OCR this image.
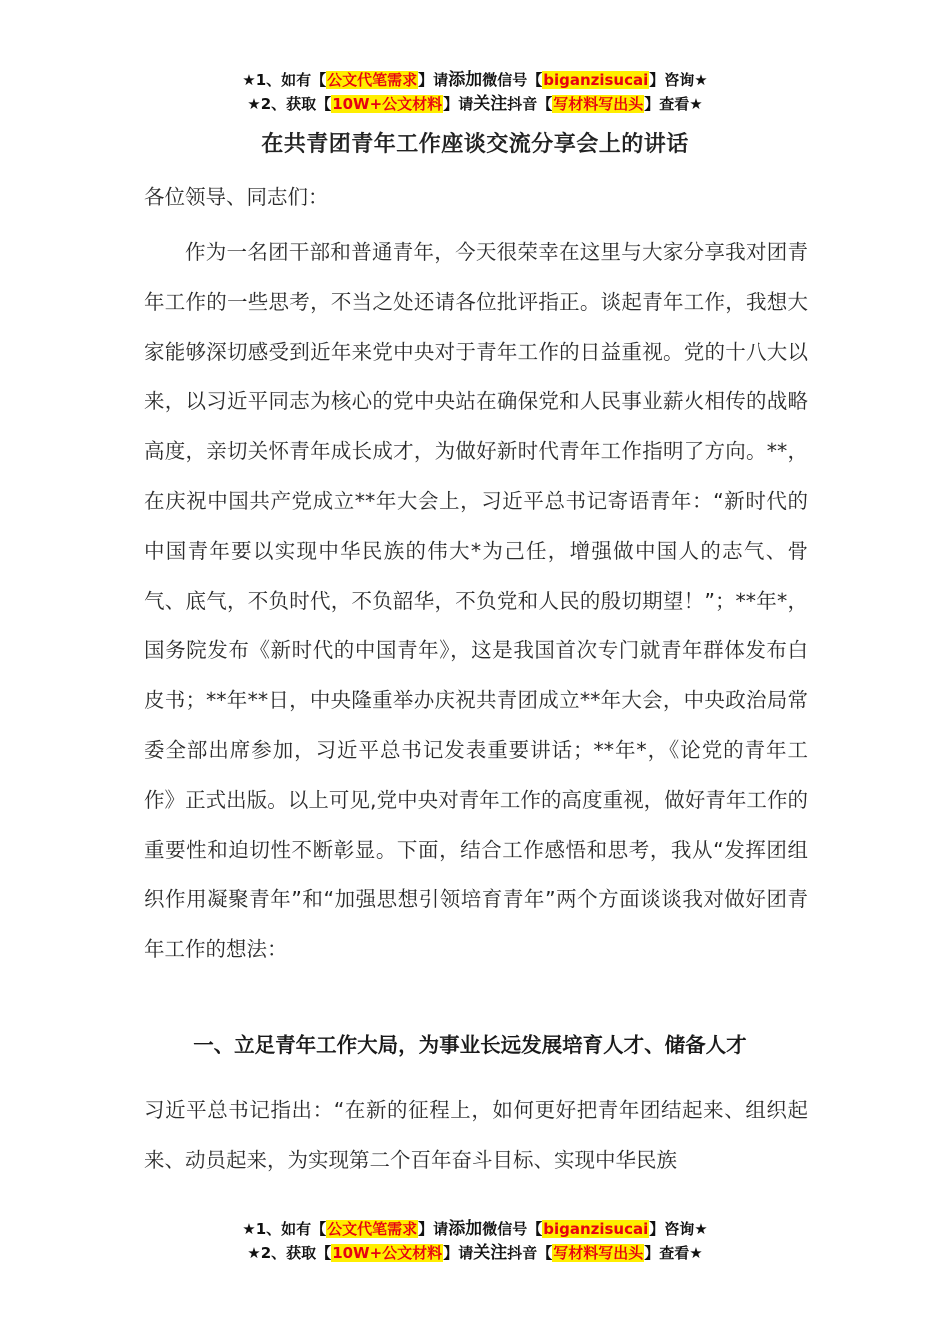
★1、如有【公文代笔需求】请添加微信号【biganzisucai】咨询★
★2、获取【10W+公文材料】请关注抖音【写材料写出头】查看★
在共青团青年工作座谈交流分享会上的讲话
各位领导、同志们：
作为一名团干部和普通青年，今天很荣幸在这里与大家分享我对团青年工作的一些思考，不当之处还请各位批评指正。谈起青年工作，我想大家能够深切感受到近年来党中央对于青年工作的日益重视。党的十八大以来，以习近平同志为核心的党中央站在确保党和人民事业薪火相传的战略高度，亲切关怀青年成长成才，为做好新时代青年工作指明了方向。**，在庆祝中国共产党成立**年大会上，习近平总书记寄语青年：“新时代的中国青年要以实现中华民族的伟大*为己任，增强做中国人的志气、骨气、底气，不负时代，不负韶华，不负党和人民的殷切期望！”；**年*，国务院发布《新时代的中国青年》，这是我国首次专门就青年群体发布白皮书；**年**日，中央隆重举办庆祝共青团成立**年大会，中央政治局常委全部出席参加，习近平总书记发表重要讲话；**年*，《论党的青年工作》正式出版。以上可见,党中央对青年工作的高度重视，做好青年工作的重要性和迫切性不断彰显。下面，结合工作感悟和思考，我从“发挥团组织作用凝聚青年”和“加强思想引领培育青年”两个方面谈谈我对做好团青年工作的想法：
一、立足青年工作大局，为事业长远发展培育人才、储备人才
习近平总书记指出：“在新的征程上，如何更好把青年团结起来、组织起来、动员起来，为实现第二个百年奋斗目标、实现中华民族
★1、如有【公文代笔需求】请添加微信号【biganzisucai】咨询★
★2、获取【10W+公文材料】请关注抖音【写材料写出头】查看★
